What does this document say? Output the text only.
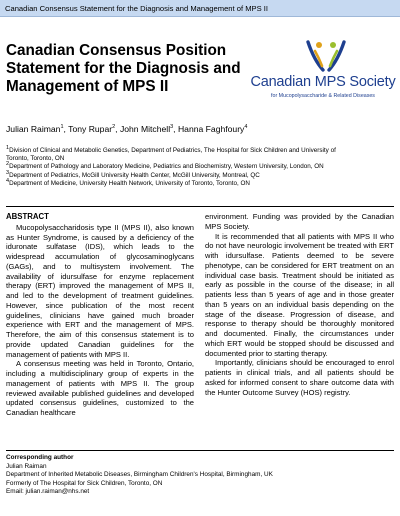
Canadian Consensus Statement for the Diagnosis and Management of MPS II
Canadian Consensus Position Statement for the Diagnosis and Management of MPS II	Canadian MPS Society
for Mucopolysaccharide & Related Diseases
Julian Raiman$^1$, Tony Rupar$^2$, John Mitchell$^3$, Hanna Faghfoury$^4$
$^1$Division of Clinical and Metabolic Genetics, Department of Pediatrics, The Hospital for Sick Children and University of
Toronto, Toronto, ON
$^2$Department of Pathology and Laboratory Medicine, Pediatrics and Biochemistry, Western University, London, ON
$^3$Department of Pediatrics, McGill University Health Center, McGill University, Montreal, QC
$^4$Department of Medicine, University Health Network, University of Toronto, Toronto, ON
ABSTRACT

Mucopolysaccharidosis type II (MPS II), also known as Hunter Syndrome, is caused by a deficiency of the iduronate sulfatase (IDS), which leads to the widespread accumulation of glycosaminoglycans (GAGs), and to multisystem involvement. The availability of idursulfase for enzyme replacement therapy (ERT) improved the management of MPS II, and led to the development of treatment guidelines. However, since publication of the most recent guidelines, clinicians have gained much broader experience with ERT and the management of MPS. Therefore, the aim of this consensus statement is to provide updated Canadian guidelines for the management of patients with MPS II.

A consensus meeting was held in Toronto, Ontario, including a multidisciplinary group of experts in the management of patients with MPS II. The group reviewed available published guidelines and developed updated consensus guidelines, customized to the Canadian healthcare

environment. Funding was provided by the Canadian MPS Society.

It is recommended that all patients with MPS II who do not have neurologic involvement be treated with ERT with idursulfase. Patients deemed to be severe phenotype, can be considered for ERT treatment on an individual case basis. Treatment should be initiated as early as possible in the course of the disease; in all patients less than 5 years of age and in those greater than 5 years on an individual basis depending on the stage of the disease. Progression of disease, and response to therapy should be thoroughly monitored and documented. Finally, the circumstances under which ERT would be stopped should be discussed and documented prior to starting therapy.

Importantly, clinicians should be encouraged to enrol patients in clinical trials, and all patients should be asked for informed consent to share outcome data with the Hunter Outcome Survey (HOS) registry.

Corresponding author
Julian Raiman
Department of Inherited Metabolic Diseases, Birmingham Children's Hospital, Birmingham, UK
Formerly of The Hospital for Sick Children, Toronto, ON
Email: julian.raiman@nhs.net
